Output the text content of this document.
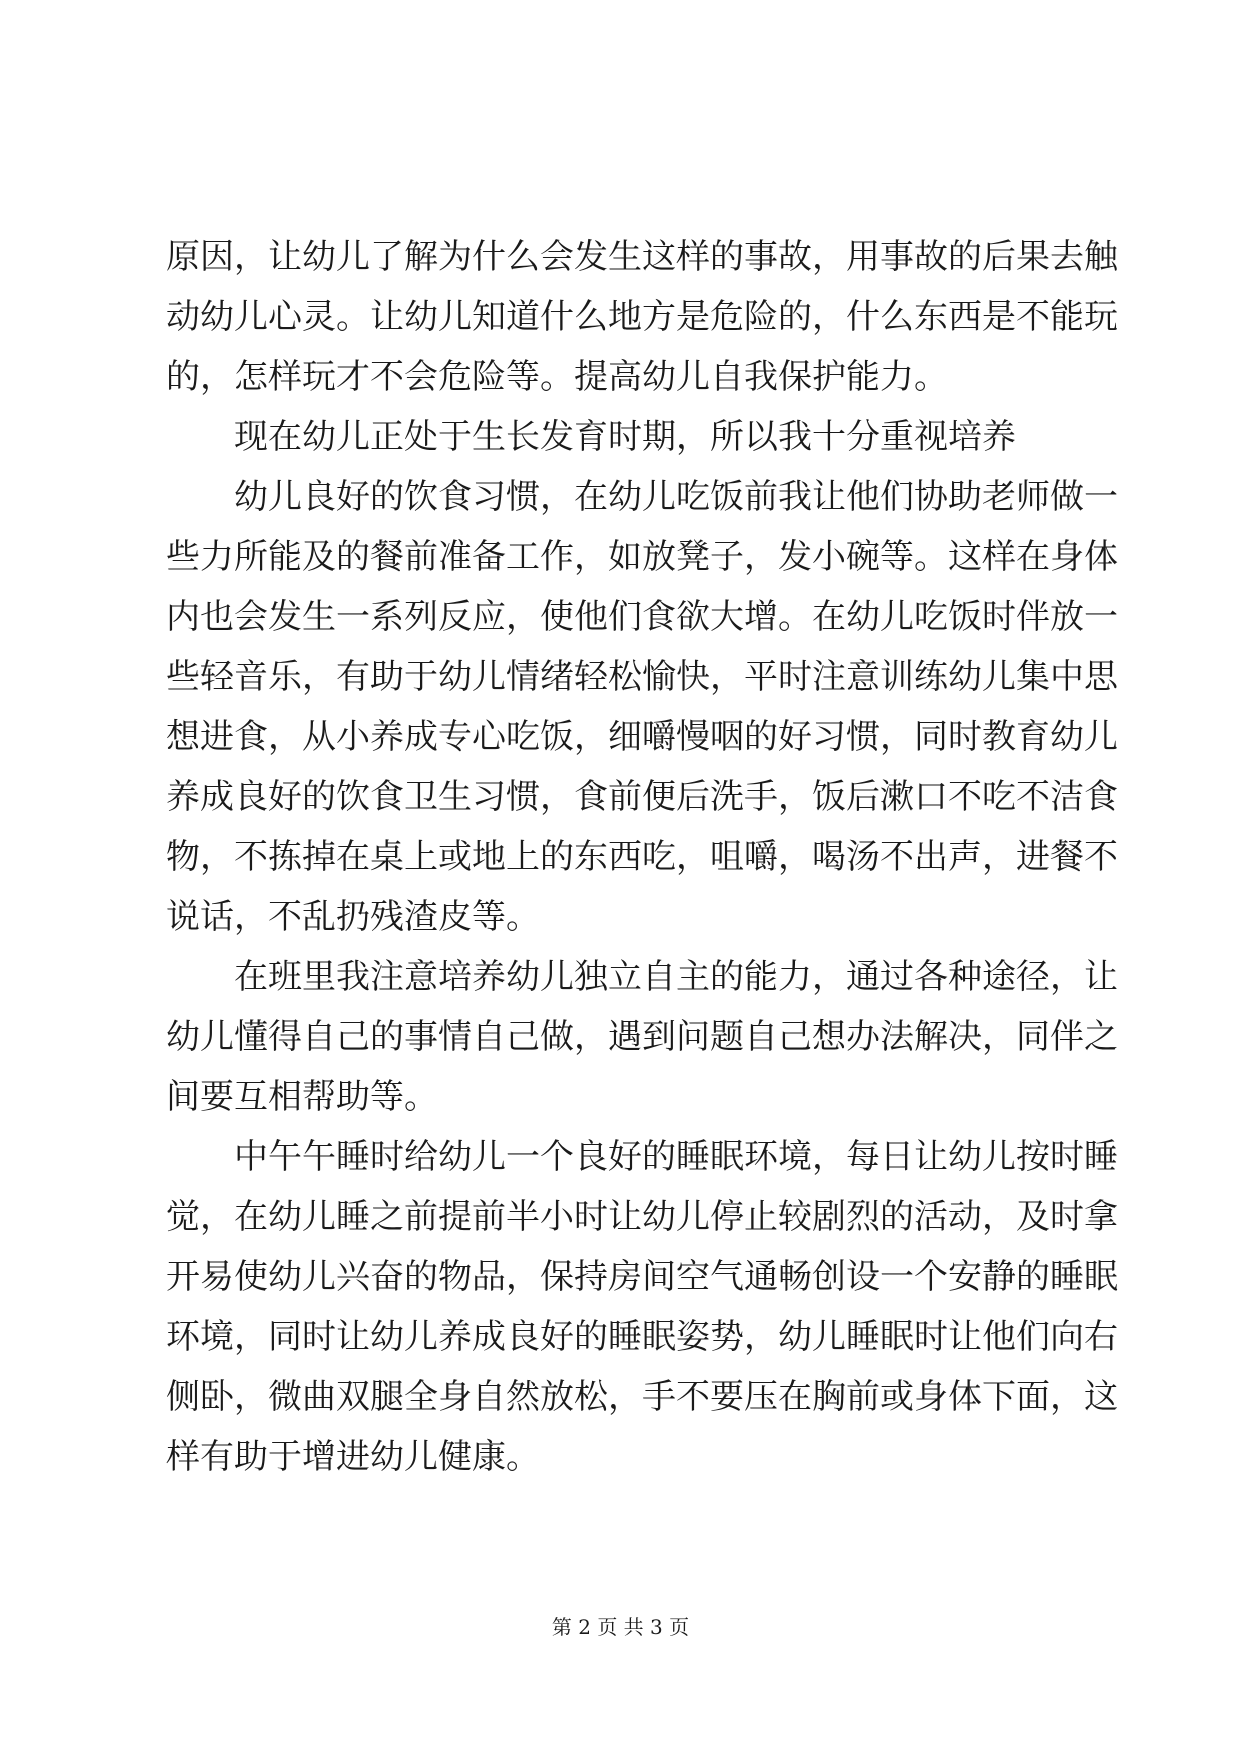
原因，让幼儿了解为什么会发生这样的事故，用事故的后果去触
动幼儿心灵。让幼儿知道什么地方是危险的，什么东西是不能玩
的，怎样玩才不会危险等。提高幼儿自我保护能力。
现在幼儿正处于生长发育时期，所以我十分重视培养
幼儿良好的饮食习惯，在幼儿吃饭前我让他们协助老师做一
些力所能及的餐前准备工作，如放凳子，发小碗等。这样在身体
内也会发生一系列反应，使他们食欲大增。在幼儿吃饭时伴放一
些轻音乐，有助于幼儿情绪轻松愉快，平时注意训练幼儿集中思
想进食，从小养成专心吃饭，细嚼慢咽的好习惯，同时教育幼儿
养成良好的饮食卫生习惯，食前便后洗手，饭后漱口不吃不洁食
物，不拣掉在桌上或地上的东西吃，咀嚼，喝汤不出声，进餐不
说话，不乱扔残渣皮等。
在班里我注意培养幼儿独立自主的能力，通过各种途径，让
幼儿懂得自己的事情自己做，遇到问题自己想办法解决，同伴之
间要互相帮助等。
中午午睡时给幼儿一个良好的睡眠环境，每日让幼儿按时睡
觉，在幼儿睡之前提前半小时让幼儿停止较剧烈的活动，及时拿
开易使幼儿兴奋的物品，保持房间空气通畅创设一个安静的睡眠
环境，同时让幼儿养成良好的睡眠姿势，幼儿睡眠时让他们向右
侧卧，微曲双腿全身自然放松，手不要压在胸前或身体下面，这
样有助于增进幼儿健康。
第 2 页 共 3 页
